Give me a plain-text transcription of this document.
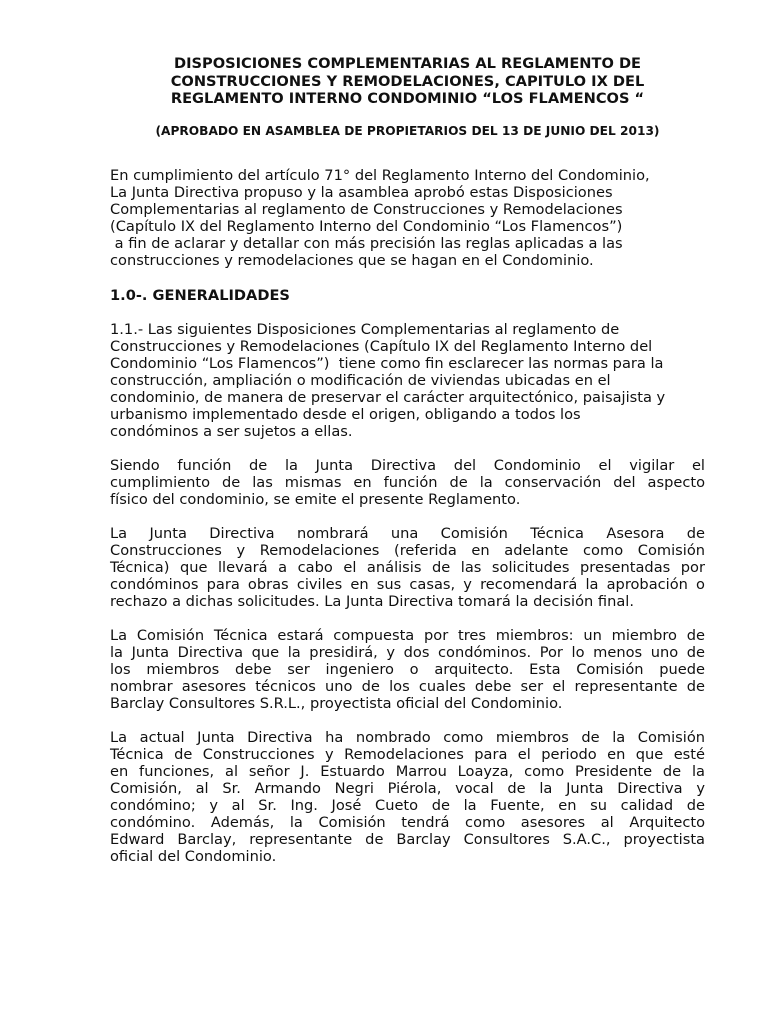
DISPOSICIONES COMPLEMENTARIAS AL REGLAMENTO DE
CONSTRUCCIONES Y REMODELACIONES, CAPITULO IX DEL
REGLAMENTO INTERNO CONDOMINIO “LOS FLAMENCOS “
(APROBADO EN ASAMBLEA DE PROPIETARIOS DEL 13 DE JUNIO DEL 2013)
En cumplimiento del artículo 71° del Reglamento Interno del Condominio,
La Junta Directiva propuso y la asamblea aprobó estas Disposiciones
Complementarias al reglamento de Construcciones y Remodelaciones
(Capítulo IX del Reglamento Interno del Condominio “Los Flamencos”)
a fin de aclarar y detallar con más precisión las reglas aplicadas a las
construcciones y remodelaciones que se hagan en el Condominio.
1.0-. GENERALIDADES
1.1.- Las siguientes Disposiciones Complementarias al reglamento de
Construcciones y Remodelaciones (Capítulo IX del Reglamento Interno del
Condominio “Los Flamencos”)  tiene como fin esclarecer las normas para la
construcción, ampliación o modificación de viviendas ubicadas en el
condominio, de manera de preservar el carácter arquitectónico, paisajista y
urbanismo implementado desde el origen, obligando a todos los
condóminos a ser sujetos a ellas.
Siendo función de la Junta Directiva del Condominio el vigilar el
cumplimiento de las mismas en función de la conservación del aspecto
físico del condominio, se emite el presente Reglamento.
La Junta Directiva nombrará una Comisión Técnica Asesora de
Construcciones y Remodelaciones (referida en adelante como Comisión
Técnica) que llevará a cabo el análisis de las solicitudes presentadas por
condóminos para obras civiles en sus casas, y recomendará la aprobación o
rechazo a dichas solicitudes. La Junta Directiva tomará la decisión final.
La Comisión Técnica estará compuesta por tres miembros: un miembro de
la Junta Directiva que la presidirá, y dos condóminos. Por lo menos uno de
los miembros debe ser ingeniero o arquitecto. Esta Comisión puede
nombrar asesores técnicos uno de los cuales debe ser el representante de
Barclay Consultores S.R.L., proyectista oficial del Condominio.
La actual Junta Directiva ha nombrado como miembros de la Comisión
Técnica de Construcciones y Remodelaciones para el periodo en que esté
en funciones, al señor J. Estuardo Marrou Loayza, como Presidente de la
Comisión, al Sr. Armando Negri Piérola, vocal de la Junta Directiva y
condómino; y al Sr. Ing. José Cueto de la Fuente, en su calidad de
condómino. Además, la Comisión tendrá como asesores al Arquitecto
Edward Barclay, representante de Barclay Consultores S.A.C., proyectista
oficial del Condominio.
